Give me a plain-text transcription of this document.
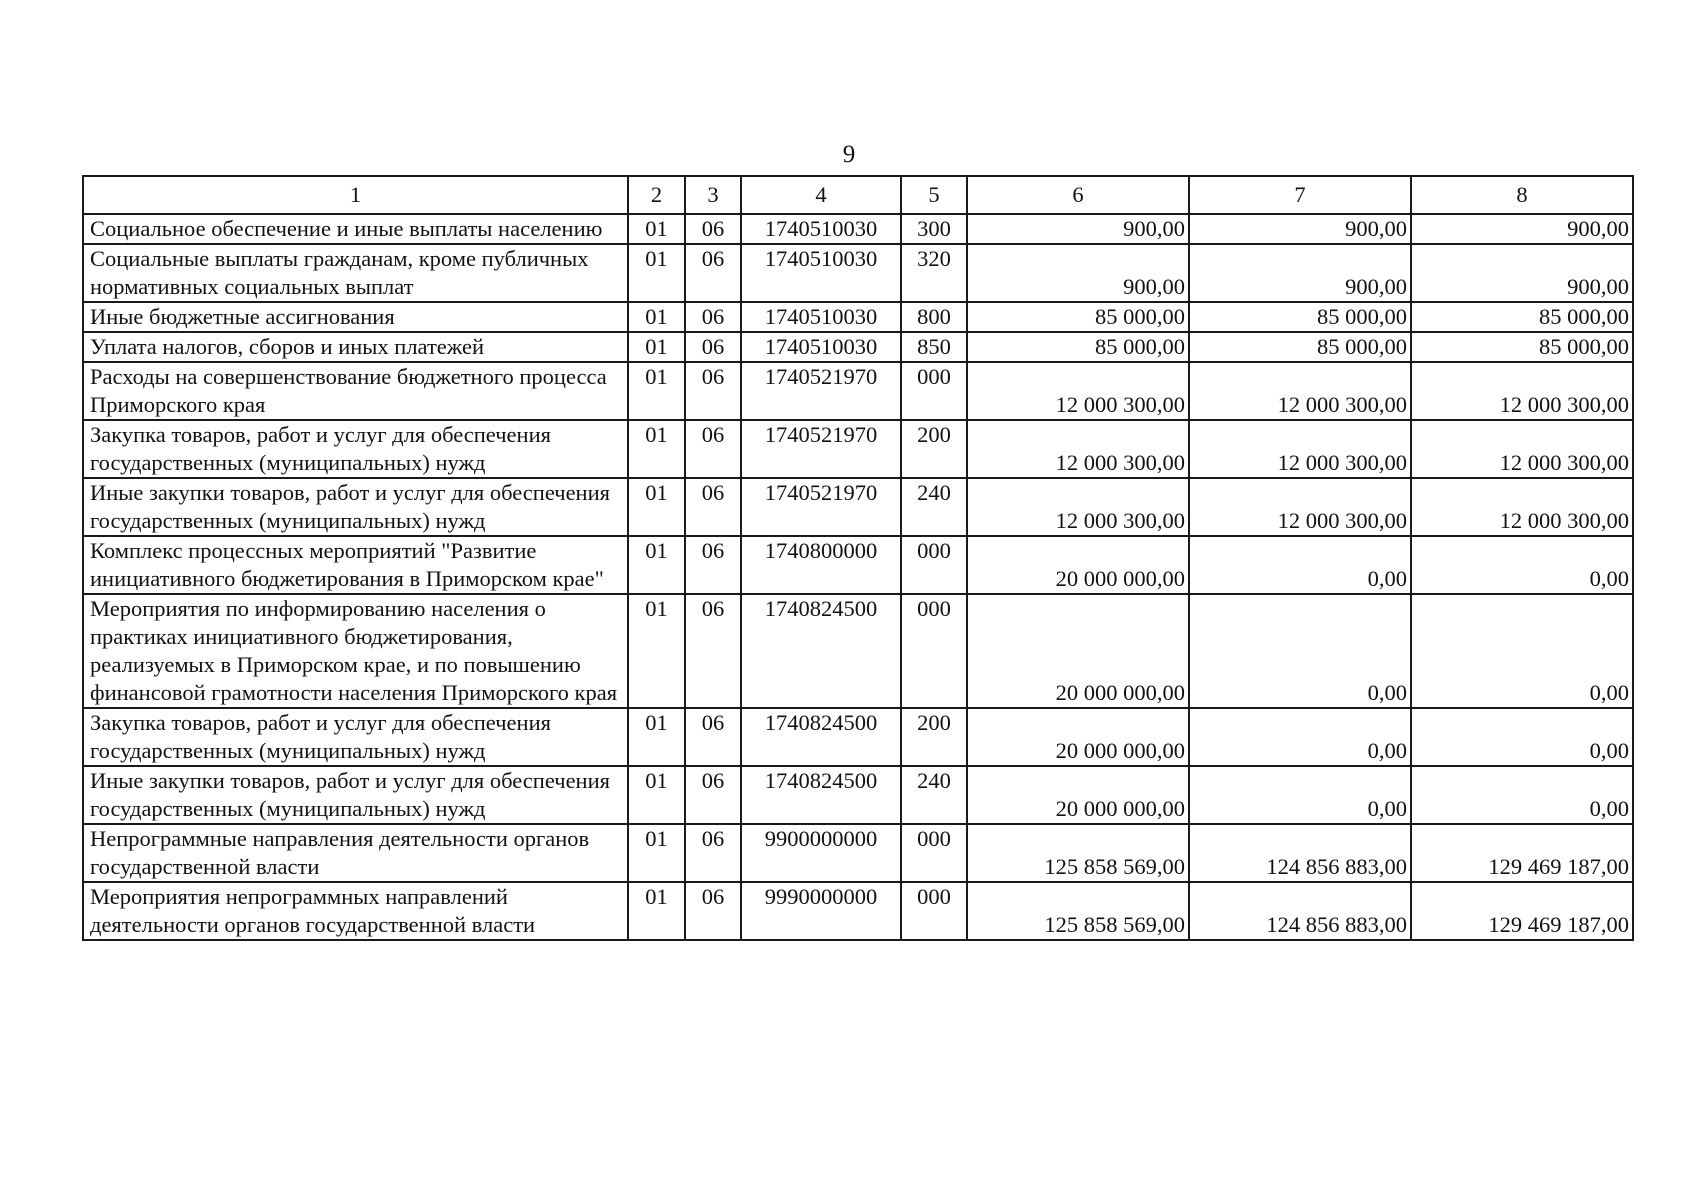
9
1	2	3	4	5	6	7	8
Социальное обеспечение и иные выплаты населению	01	06	1740510030	300	900,00	900,00	900,00
Социальные выплаты гражданам, кроме публичных нормативных социальных выплат	01	06	1740510030	320	900,00	900,00	900,00
Иные бюджетные ассигнования	01	06	1740510030	800	85 000,00	85 000,00	85 000,00
Уплата налогов, сборов и иных платежей	01	06	1740510030	850	85 000,00	85 000,00	85 000,00
Расходы на совершенствование бюджетного процесса Приморского края	01	06	1740521970	000	12 000 300,00	12 000 300,00	12 000 300,00
Закупка товаров, работ и услуг для обеспечения государственных (муниципальных) нужд	01	06	1740521970	200	12 000 300,00	12 000 300,00	12 000 300,00
Иные закупки товаров, работ и услуг для обеспечения государственных (муниципальных) нужд	01	06	1740521970	240	12 000 300,00	12 000 300,00	12 000 300,00
Комплекс процессных мероприятий "Развитие инициативного бюджетирования в Приморском крае"	01	06	1740800000	000	20 000 000,00	0,00	0,00
Мероприятия по информированию населения о практиках инициативного бюджетирования, реализуемых в Приморском крае, и по повышению финансовой грамотности населения Приморского края	01	06	1740824500	000	20 000 000,00	0,00	0,00
Закупка товаров, работ и услуг для обеспечения государственных (муниципальных) нужд	01	06	1740824500	200	20 000 000,00	0,00	0,00
Иные закупки товаров, работ и услуг для обеспечения государственных (муниципальных) нужд	01	06	1740824500	240	20 000 000,00	0,00	0,00
Непрограммные направления деятельности органов государственной власти	01	06	9900000000	000	125 858 569,00	124 856 883,00	129 469 187,00
Мероприятия непрограммных направлений деятельности органов государственной власти	01	06	9990000000	000	125 858 569,00	124 856 883,00	129 469 187,00
